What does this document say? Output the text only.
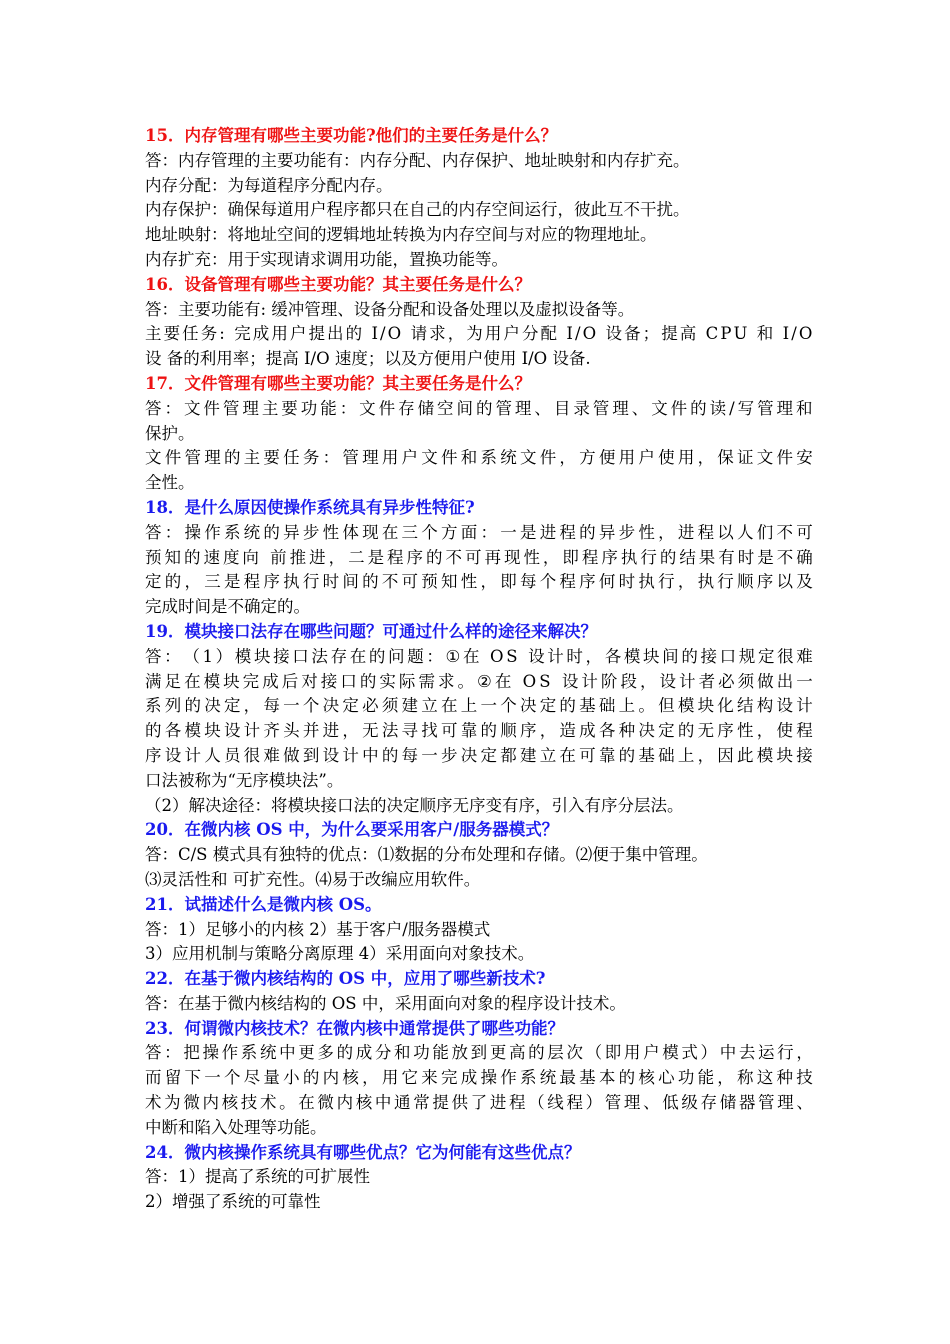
15．内存管理有哪些主要功能?他们的主要任务是什么？
答：内存管理的主要功能有：内存分配、内存保护、地址映射和内存扩充。
内存分配：为每道程序分配内存。
内存保护：确保每道用户程序都只在自己的内存空间运行，彼此互不干扰。
地址映射：将地址空间的逻辑地址转换为内存空间与对应的物理地址。
内存扩充：用于实现请求调用功能，置换功能等。
16．设备管理有哪些主要功能？其主要任务是什么？
答：主要功能有: 缓冲管理、设备分配和设备处理以及虚拟设备等。
主 要 任 务 :
完 成 用 户 提 出 的
I / O
请 求 ， 为 用 户 分 配
I / O
设 备 ； 提 高
C P U
和
I / O
设 备的利用率；提高 I/O 速度；以及方便用户使用 I/O 设备.
17．文件管理有哪些主要功能？其主要任务是什么？
答 ： 文 件 管 理 主 要 功 能 ： 文 件 存 储 空 间 的 管 理 、 目 录 管 理 、 文 件 的 读 / 写 管 理 和
保护。
文 件 管 理 的 主 要 任 务 ： 管 理 用 户 文 件 和 系 统 文 件 ， 方 便 用 户 使 用 ， 保 证 文 件 安
全性。
18．是什么原因使操作系统具有异步性特征?
答 ： 操 作 系 统 的 异 步 性 体 现 在 三 个 方 面 ： 一 是 进 程 的 异 步 性 ， 进 程 以 人 们 不 可
预 知 的 速 度 向
前 推 进 ， 二 是 程 序 的 不 可 再 现 性 ， 即 程 序 执 行 的 结 果 有 时 是 不 确
定 的 ， 三 是 程 序 执 行 时 间 的 不 可 预 知 性 ， 即 每 个 程 序 何 时 执 行 ， 执 行 顺 序 以 及
完成时间是不确定的。
19．模块接口法存在哪些问题？可通过什么样的途径来解决？
答 ： （ 1 ） 模 块 接 口 法 存 在 的 问 题 ： ① 在
O S
设 计 时 ， 各 模 块 间 的 接 口 规 定 很 难
满 足 在 模 块 完 成 后 对 接 口 的 实 际 需 求 。 ② 在
O S
设 计 阶 段 ， 设 计 者 必 须 做 出 一
系 列 的 决 定 ， 每 一 个 决 定 必 须 建 立 在 上 一 个 决 定 的 基 础 上 。 但 模 块 化 结 构 设 计
的 各 模 块 设 计 齐 头 并 进 ， 无 法 寻 找 可 靠 的 顺 序 ， 造 成 各 种 决 定 的 无 序 性 ， 使 程
序 设 计 人 员 很 难 做 到 设 计 中 的 每 一 步 决 定 都 建 立 在 可 靠 的 基 础 上 ， 因 此 模 块 接
口法被称为“无序模块法”。
（2）解决途径：将模块接口法的决定顺序无序变有序，引入有序分层法。
20．在微内核 OS 中，为什么要采用客户/服务器模式？
答：C/S 模式具有独特的优点：⑴数据的分布处理和存储。⑵便于集中管理。
⑶灵活性和 可扩充性。⑷易于改编应用软件。
21．试描述什么是微内核 OS。
答：1）足够小的内核 2）基于客户/服务器模式
3）应用机制与策略分离原理 4）采用面向对象技术。
22．在基于微内核结构的 OS 中，应用了哪些新技术?
答：在基于微内核结构的 OS 中，采用面向对象的程序设计技术。
23．何谓微内核技术？在微内核中通常提供了哪些功能？
答 ： 把 操 作 系 统 中 更 多 的 成 分 和 功 能 放 到 更 高 的 层 次 （ 即 用 户 模 式 ） 中 去 运 行 ，
而 留 下 一 个 尽 量 小 的 内 核 ， 用 它 来 完 成 操 作 系 统 最 基 本 的 核 心 功 能 ， 称 这 种 技
术 为 微 内 核 技 术 。 在 微 内 核 中 通 常 提 供 了 进 程 （ 线 程 ） 管 理 、 低 级 存 储 器 管 理 、
中断和陷入处理等功能。
24．微内核操作系统具有哪些优点？它为何能有这些优点？
答：1）提高了系统的可扩展性
2）增强了系统的可靠性
